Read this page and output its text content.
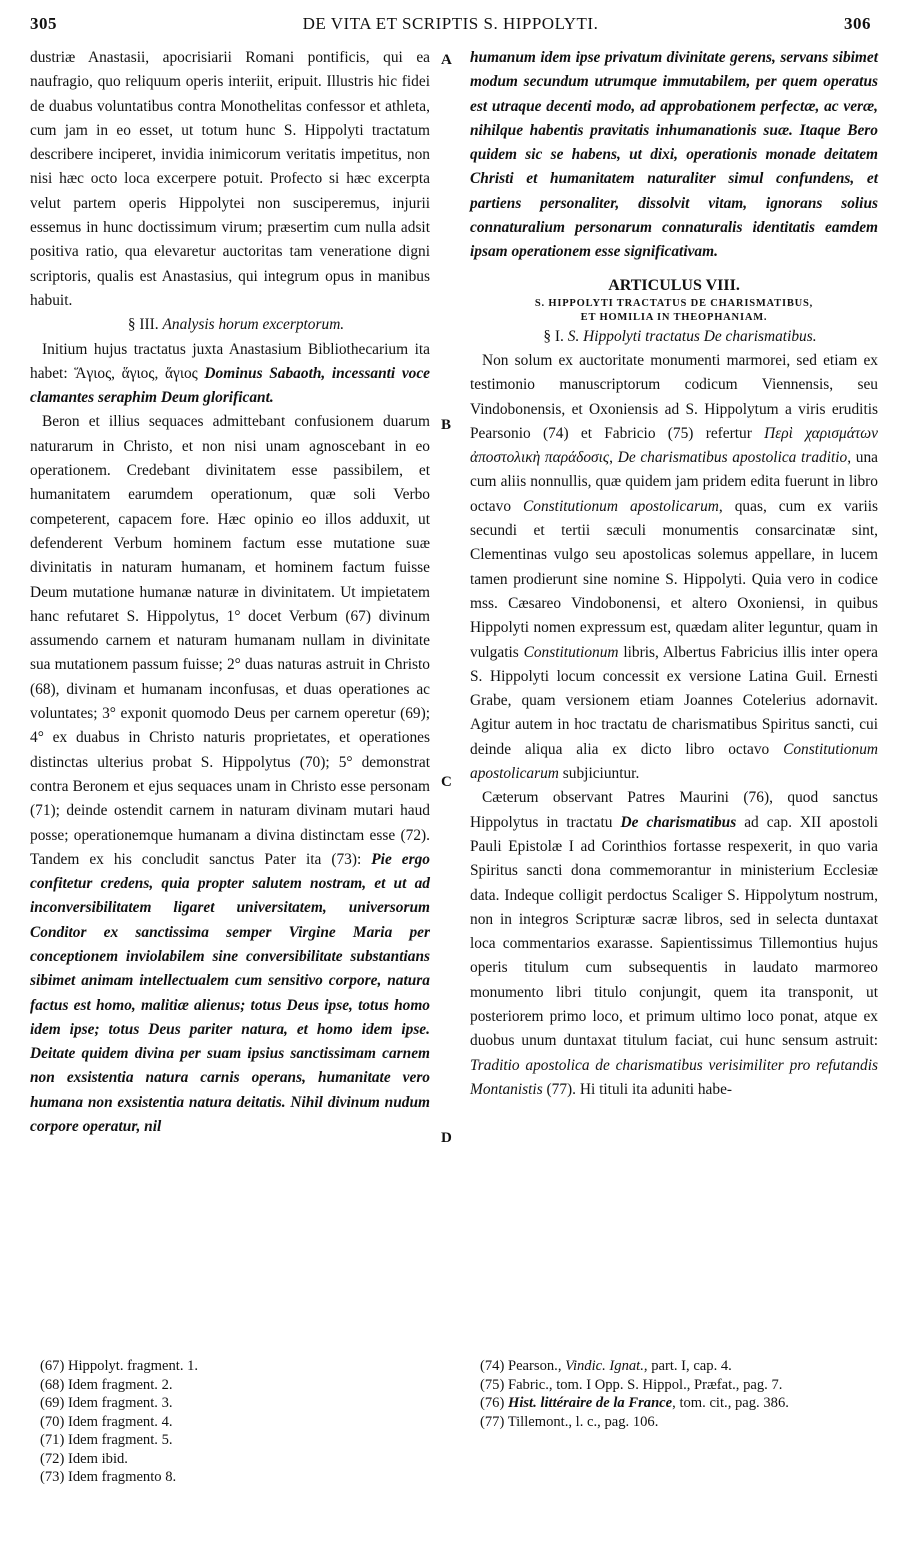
305	DE VITA ET SCRIPTIS S. HIPPOLYTI.	306
A
B
C
D

dustriæ Anastasii, apocrisiarii Romani pontificis, qui ea naufragio, quo reliquum operis interiit, eripuit. Illustris hic fidei de duabus voluntatibus contra Monothelitas confessor et athleta, cum jam in eo esset, ut totum hunc S. Hippolyti tractatum describere inciperet, invidia inimicorum veritatis impetitus, non nisi hæc octo loca excerpere potuit. Profecto si hæc excerpta velut partem operis Hippolytei non susciperemus, injurii essemus in hunc doctissimum virum; præsertim cum nulla adsit positiva ratio, qua elevaretur auctoritas tam veneratione digni scriptoris, qualis est Anastasius, qui integrum opus in manibus habuit.

§ III. Analysis horum excerptorum.

Initium hujus tractatus juxta Anastasium Bibliothecarium ita habet: Ἅγιος, ἅγιος, ἅγιος Dominus Sabaoth, incessanti voce clamantes seraphim Deum glorificant.

Beron et illius sequaces admittebant confusionem duarum naturarum in Christo, et non nisi unam agnoscebant in eo operationem. Credebant divinitatem esse passibilem, et humanitatem earumdem operationum, quæ soli Verbo competerent, capacem fore. Hæc opinio eo illos adduxit, ut defenderent Verbum hominem factum esse mutatione suæ divinitatis in naturam humanam, et hominem factum fuisse Deum mutatione humanæ naturæ in divinitatem. Ut impietatem hanc refutaret S. Hippolytus, 1° docet Verbum (67) divinum assumendo carnem et naturam humanam nullam in divinitate sua mutationem passum fuisse; 2° duas naturas astruit in Christo (68), divinam et humanam inconfusas, et duas operationes ac voluntates; 3° exponit quomodo Deus per carnem operetur (69); 4° ex duabus in Christo naturis proprietates, et operationes distinctas ulterius probat S. Hippolytus (70); 5° demonstrat contra Beronem et ejus sequaces unam in Christo esse personam (71); deinde ostendit carnem in naturam divinam mutari haud posse; operationemque humanam a divina distinctam esse (72). Tandem ex his concludit sanctus Pater ita (73): Pie ergo confitetur credens, quia propter salutem nostram, et ut ad inconversibilitatem ligaret universitatem, universorum Conditor ex sanctissima semper Virgine Maria per conceptionem inviolabilem sine conversibilitate substantians sibimet animam intellectualem cum sensitivo corpore, natura factus est homo, malitiæ alienus; totus Deus ipse, totus homo idem ipse; totus Deus pariter natura, et homo idem ipse. Deitate quidem divina per suam ipsius sanctissimam carnem non exsistentia natura carnis operans, humanitate vero humana non exsistentia natura deitatis. Nihil divinum nudum corpore operatur, nil

humanum idem ipse privatum divinitate gerens, servans sibimet modum secundum utrumque immutabilem, per quem operatus est utraque decenti modo, ad approbationem perfectæ, ac veræ, nihilque habentis pravitatis inhumanationis suæ. Itaque Bero quidem sic se habens, ut dixi, operationis monade deitatem Christi et humanitatem naturaliter simul confundens, et partiens personaliter, dissolvit vitam, ignorans solius connaturalium personarum connaturalis identitatis eamdem ipsam operationem esse significativam.

ARTICULUS VIII.
S. HIPPOLYTI TRACTATUS DE CHARISMATIBUS,
ET HOMILIA IN THEOPHANIAM.

§ I. S. Hippolyti tractatus De charismatibus.

Non solum ex auctoritate monumenti marmorei, sed etiam ex testimonio manuscriptorum codicum Viennensis, seu Vindobonensis, et Oxoniensis ad S. Hippolytum a viris eruditis Pearsonio (74) et Fabricio (75) refertur Περὶ χαρισμάτων ἀποστολικὴ παράδοσις, De charismatibus apostolica traditio, una cum aliis nonnullis, quæ quidem jam pridem edita fuerunt in libro octavo Constitutionum apostolicarum, quas, cum ex variis secundi et tertii sæculi monumentis consarcinatæ sint, Clementinas vulgo seu apostolicas solemus appellare, in lucem tamen prodierunt sine nomine S. Hippolyti. Quia vero in codice mss. Cæsareo Vindobonensi, et altero Oxoniensi, in quibus Hippolyti nomen expressum est, quædam aliter leguntur, quam in vulgatis Constitutionum libris, Albertus Fabricius illis inter opera S. Hippolyti locum concessit ex versione Latina Guil. Ernesti Grabe, quam versionem etiam Joannes Cotelerius adornavit. Agitur autem in hoc tractatu de charismatibus Spiritus sancti, cui deinde aliqua alia ex dicto libro octavo Constitutionum apostolicarum subjiciuntur.

Cæterum observant Patres Maurini (76), quod sanctus Hippolytus in tractatu De charismatibus ad cap. XII apostoli Pauli Epistolæ I ad Corinthios fortasse respexerit, in quo varia Spiritus sancti dona commemorantur in ministerium Ecclesiæ data. Indeque colligit perdoctus Scaliger S. Hippolytum nostrum, non in integros Scripturæ sacræ libros, sed in selecta duntaxat loca commentarios exarasse. Sapientissimus Tillemontius hujus operis titulum cum subsequentis in laudato marmoreo monumento libri titulo conjungit, quem ita transponit, ut posteriorem primo loco, et primum ultimo loco ponat, atque ex duobus unum duntaxat titulum faciat, cui hunc sensum astruit: Traditio apostolica de charismatibus verisimiliter pro refutandis Montanistis (77). Hi tituli ita aduniti habe-

(67) Hippolyt. fragment. 1.
(68) Idem fragment. 2.
(69) Idem fragment. 3.
(70) Idem fragment. 4.
(71) Idem fragment. 5.
(72) Idem ibid.
(73) Idem fragmento 8.
(74) Pearson., Vindic. Ignat., part. I, cap. 4.
(75) Fabric., tom. I Opp. S. Hippol., Præfat., pag. 7.
(76) Hist. littéraire de la France, tom. cit., pag. 386.
(77) Tillemont., l. c., pag. 106.
